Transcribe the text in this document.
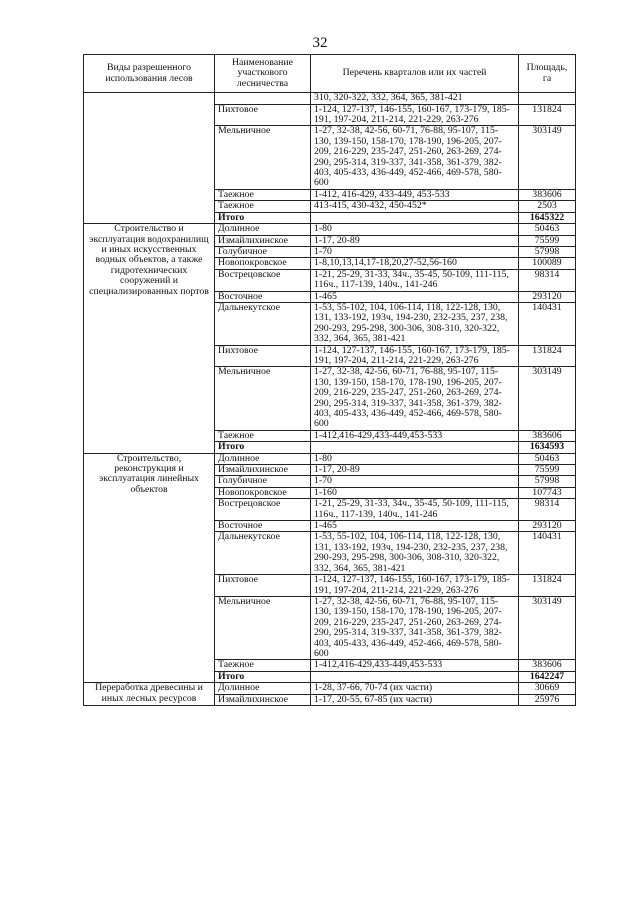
32
Виды разрешенного использования лесов	Наименование участкового лесничества	Перечень кварталов или их частей	Площадь, га
		310, 320-322, 332, 364, 365, 381-421	
	Пихтовое	1-124, 127-137, 146-155, 160-167, 173-179, 185-191, 197-204, 211-214, 221-229, 263-276	131824
	Мельничное	1-27, 32-38, 42-56, 60-71, 76-88, 95-107, 115-130, 139-150, 158-170, 178-190, 196-205, 207-209, 216-229, 235-247, 251-260, 263-269, 274-290, 295-314, 319-337, 341-358, 361-379, 382-403, 405-433, 436-449, 452-466, 469-578, 580-600	303149
	Таежное	1-412, 416-429, 433-449, 453-533	383606
	Таежное	413-415, 430-432, 450-452*	2503
	Итого		1645322
Строительство и эксплуатация водохранилищ и иных искусственных водных объектов, а также гидротехнических сооружений и специализированных портов	Долинное	1-80	50463
	Измайлихинское	1-17, 20-89	75599
	Голубичное	1-70	57998
	Новопокровское	1-8,10,13,14,17-18,20,27-52,56-160	100089
	Вострецовское	1-21, 25-29, 31-33, 34ч., 35-45, 50-109, 111-115, 116ч., 117-139, 140ч., 141-246	98314
	Восточное	1-465	293120
	Дальнекутское	1-53, 55-102, 104, 106-114, 118, 122-128, 130, 131, 133-192, 193ч, 194-230, 232-235, 237, 238, 290-293, 295-298, 300-306, 308-310, 320-322, 332, 364, 365, 381-421	140431
	Пихтовое	1-124, 127-137, 146-155, 160-167, 173-179, 185-191, 197-204, 211-214, 221-229, 263-276	131824
	Мельничное	1-27, 32-38, 42-56, 60-71, 76-88, 95-107, 115-130, 139-150, 158-170, 178-190, 196-205, 207-209, 216-229, 235-247, 251-260, 263-269, 274-290, 295-314, 319-337, 341-358, 361-379, 382-403, 405-433, 436-449, 452-466, 469-578, 580-600	303149
	Таежное	1-412,416-429,433-449,453-533	383606
	Итого		1634593
Строительство, реконструкция и эксплуатация линейных объектов	Долинное	1-80	50463
	Измайлихинское	1-17, 20-89	75599
	Голубичное	1-70	57998
	Новопокровское	1-160	107743
	Вострецовское	1-21, 25-29, 31-33, 34ч., 35-45, 50-109, 111-115, 116ч., 117-139, 140ч., 141-246	98314
	Восточное	1-465	293120
	Дальнекутское	1-53, 55-102, 104, 106-114, 118, 122-128, 130, 131, 133-192, 193ч, 194-230, 232-235, 237, 238, 290-293, 295-298, 300-306, 308-310, 320-322, 332, 364, 365, 381-421	140431
	Пихтовое	1-124, 127-137, 146-155, 160-167, 173-179, 185-191, 197-204, 211-214, 221-229, 263-276	131824
	Мельничное	1-27, 32-38, 42-56, 60-71, 76-88, 95-107, 115-130, 139-150, 158-170, 178-190, 196-205, 207-209, 216-229, 235-247, 251-260, 263-269, 274-290, 295-314, 319-337, 341-358, 361-379, 382-403, 405-433, 436-449, 452-466, 469-578, 580-600	303149
	Таежное	1-412,416-429,433-449,453-533	383606
	Итого		1642247
Переработка древесины и иных лесных ресурсов	Долинное	1-28, 37-66, 70-74 (их части)	30669
	Измайлихинское	1-17, 20-55, 67-85 (их части)	25976
